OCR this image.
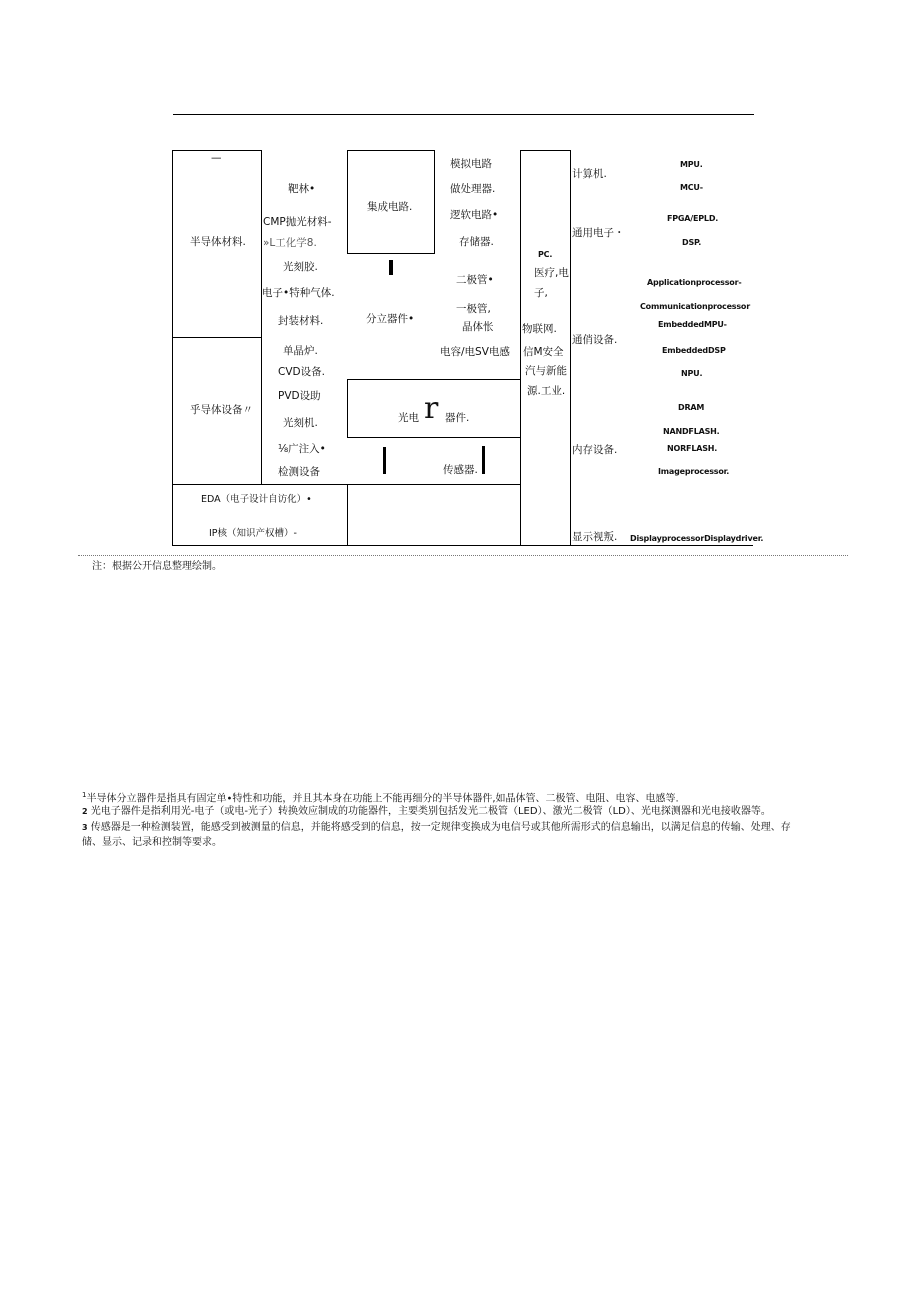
—
半导体材料.
乎导体设备〃
靶林•
CMP抛光材料-
»L工化学8.
光刻胶.
电子•特种气体.
封装材料.
单晶炉.
CVD设备.
PVD设助
光刻机.
⅛广注入•
检测设备
EDA（电子设计自访化）•
IP核（知识产权槽）-
集成电路.
模拟电路
做处理器.
逻软电路•
存储器.
分立器件•
二极管•
一极管,
晶体怅
电容/电SV电感
光电 r 器件.
传感器.
PC.
医疗,电
子,
物联网.
信M安全
汽与新能
源.工业.
计算机.
通用电子・
通俏设备.
内存设备.
显示视叛.
MPU.
MCU-
FPGA/EPLD.
DSP.
Applicationprocessor-
Communicationprocessor
EmbeddedMPU-
EmbeddedDSP
NPU.
DRAM
NANDFLASH.
NORFLASH.
Imageprocessor.
DisplayprocessorDisplaydriver.
注：根据公开信息整理绘制。
$^1$半导体分立器件是指具有固定单•特性和功能，并且其本身在功能上不能再细分的半导体器件,如晶体管、二极管、电阻、电容、电感等.
2 光电子器件是指利用光-电子（或电-光子）转换效应制成的功能器件，主要类别包括发光二极管（LED）、激光二极管（LD）、光电探测器和光电接收器等。
3 传感器是一种检测装置，能感受到被测量的信息，并能将感受到的信息，按一定规律变换成为电信号或其他所需形式的信息输出，以满足信息的传输、处理、存
储、显示、记录和控制等要求。
